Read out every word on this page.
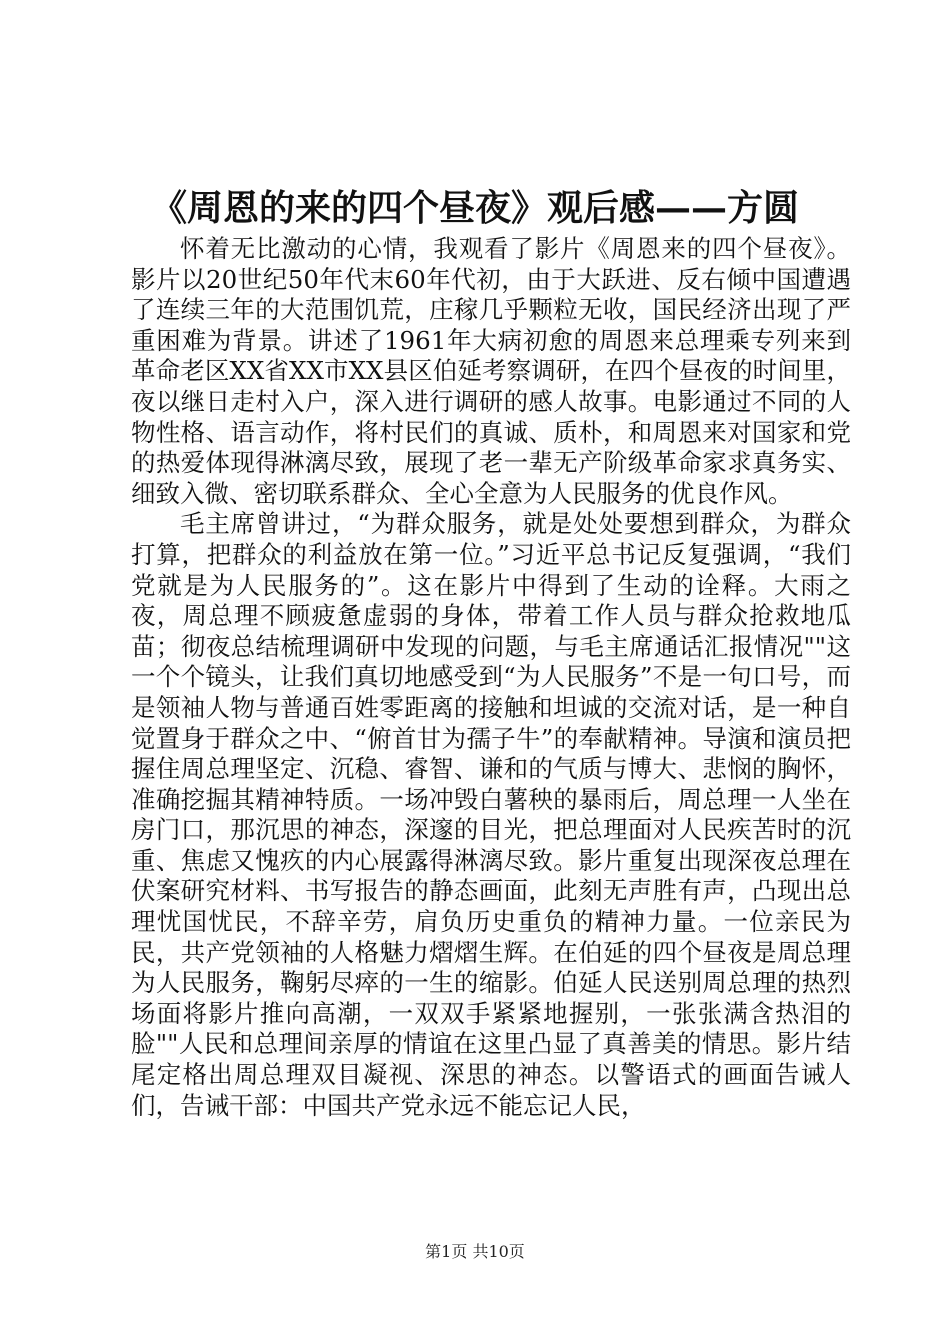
《周恩的来的四个昼夜》观后感——方圆

怀着无比激动的心情，我观看了影片《周恩来的四个昼夜》。影片以20世纪50年代末60年代初，由于大跃进、反右倾中国遭遇了连续三年的大范围饥荒，庄稼几乎颗粒无收，国民经济出现了严重困难为背景。讲述了1961年大病初愈的周恩来总理乘专列来到革命老区XX省XX市XX县区伯延考察调研，在四个昼夜的时间里，夜以继日走村入户，深入进行调研的感人故事。电影通过不同的人物性格、语言动作，将村民们的真诚、质朴，和周恩来对国家和党的热爱体现得淋漓尽致，展现了老一辈无产阶级革命家求真务实、细致入微、密切联系群众、全心全意为人民服务的优良作风。

毛主席曾讲过，“为群众服务，就是处处要想到群众，为群众打算，把群众的利益放在第一位。”习近平总书记反复强调，“我们党就是为人民服务的”。这在影片中得到了生动的诠释。大雨之夜，周总理不顾疲惫虚弱的身体，带着工作人员与群众抢救地瓜苗；彻夜总结梳理调研中发现的问题，与毛主席通话汇报情况""这一个个镜头，让我们真切地感受到“为人民服务”不是一句口号，而是领袖人物与普通百姓零距离的接触和坦诚的交流对话，是一种自觉置身于群众之中、“俯首甘为孺子牛”的奉献精神。导演和演员把握住周总理坚定、沉稳、睿智、谦和的气质与博大、悲悯的胸怀，准确挖掘其精神特质。一场冲毁白薯秧的暴雨后，周总理一人坐在房门口，那沉思的神态，深邃的目光，把总理面对人民疾苦时的沉重、焦虑又愧疚的内心展露得淋漓尽致。影片重复出现深夜总理在伏案研究材料、书写报告的静态画面，此刻无声胜有声，凸现出总理忧国忧民，不辞辛劳，肩负历史重负的精神力量。一位亲民为民，共产党领袖的人格魅力熠熠生辉。在伯延的四个昼夜是周总理为人民服务，鞠躬尽瘁的一生的缩影。伯延人民送别周总理的热烈场面将影片推向高潮，一双双手紧紧地握别，一张张满含热泪的脸""人民和总理间亲厚的情谊在这里凸显了真善美的情思。影片结尾定格出周总理双目凝视、深思的神态。以警语式的画面告诫人们，告诫干部：中国共产党永远不能忘记人民，

第1页 共10页
